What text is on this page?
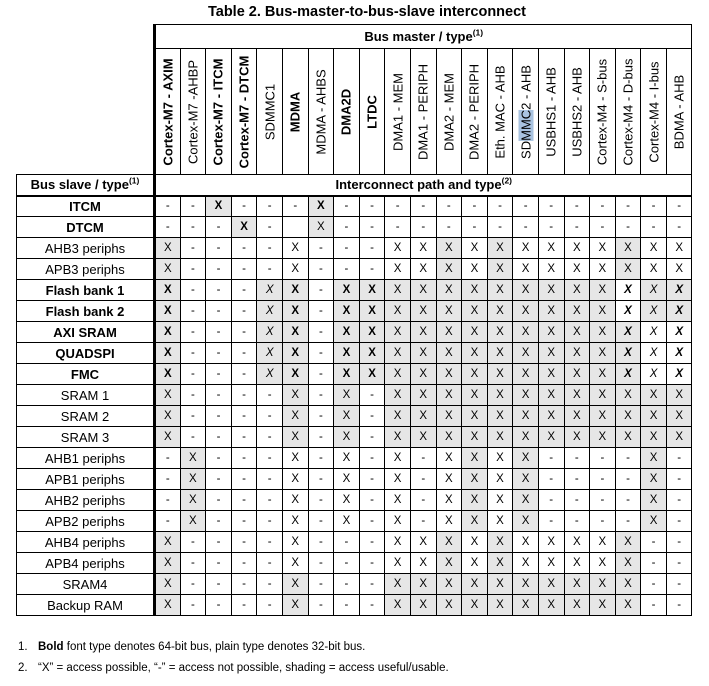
Table 2. Bus-master-to-bus-slave interconnect
	Bus master / type$^{(1)}$

	Cortex-M7 - AXIM	Cortex-M7 -AHBP	Cortex-M7 - ITCM	Cortex-M7 - DTCM	SDMMC1	MDMA	MDMA - AHBS	DMA2D	LTDC	DMA1 - MEM	DMA1 - PERIPH	DMA2 - MEM	DMA2 - PERIPH	Eth. MAC - AHB	SDMMC2 - AHB	USBHS1 - AHB	USBHS2 - AHB	Cortex-M4 - S-bus	Cortex-M4 - D-bus	Cortex-M4 - I-bus	BDMA - AHB

Bus slave / type$^{(1)}$	Interconnect path and type$^{(2)}$
ITCM	-	-	X	-	-	-	X	-	-	-	-	-	-	-	-	-	-	-	-	-	-
DTCM	-	-	-	X	-		X	-	-	-	-	-	-	-	-	-	-	-	-	-	-
AHB3 periphs	X	-	-	-	-	X	-	-	-	X	X	X	X	X	X	X	X	X	X	X	X
APB3 periphs	X	-	-	-	-	X	-	-	-	X	X	X	X	X	X	X	X	X	X	X	X
Flash bank 1	X	-	-	-	X	X	-	X	X	X	X	X	X	X	X	X	X	X	X	X	X
Flash bank 2	X	-	-	-	X	X	-	X	X	X	X	X	X	X	X	X	X	X	X	X	X
AXI SRAM	X	-	-	-	X	X	-	X	X	X	X	X	X	X	X	X	X	X	X	X	X
QUADSPI	X	-	-	-	X	X	-	X	X	X	X	X	X	X	X	X	X	X	X	X	X
FMC	X	-	-	-	X	X	-	X	X	X	X	X	X	X	X	X	X	X	X	X	X
SRAM 1	X	-	-	-	-	X	-	X	-	X	X	X	X	X	X	X	X	X	X	X	X
SRAM 2	X	-	-	-	-	X	-	X	-	X	X	X	X	X	X	X	X	X	X	X	X
SRAM 3	X	-	-	-	-	X	-	X	-	X	X	X	X	X	X	X	X	X	X	X	X
AHB1 periphs	-	X	-	-	-	X	-	X	-	X	-	X	X	X	X	-	-	-	-	X	-
APB1 periphs	-	X	-	-	-	X	-	X	-	X	-	X	X	X	X	-	-	-	-	X	-
AHB2 periphs	-	X	-	-	-	X	-	X	-	X	-	X	X	X	X	-	-	-	-	X	-
APB2 periphs	-	X	-	-	-	X	-	X	-	X	-	X	X	X	X	-	-	-	-	X	-
AHB4 periphs	X	-	-	-	-	X	-	-	-	X	X	X	X	X	X	X	X	X	X	-	-
APB4 periphs	X	-	-	-	-	X	-	-	-	X	X	X	X	X	X	X	X	X	X	-	-
SRAM4	X	-	-	-	-	X	-	-	-	X	X	X	X	X	X	X	X	X	X	-	-
Backup RAM	X	-	-	-	-	X	-	-	-	X	X	X	X	X	X	X	X	X	X	-	-
1. Bold font type denotes 64-bit bus, plain type denotes 32-bit bus.
2. “X” = access possible, “-” = access not possible, shading = access useful/usable.
